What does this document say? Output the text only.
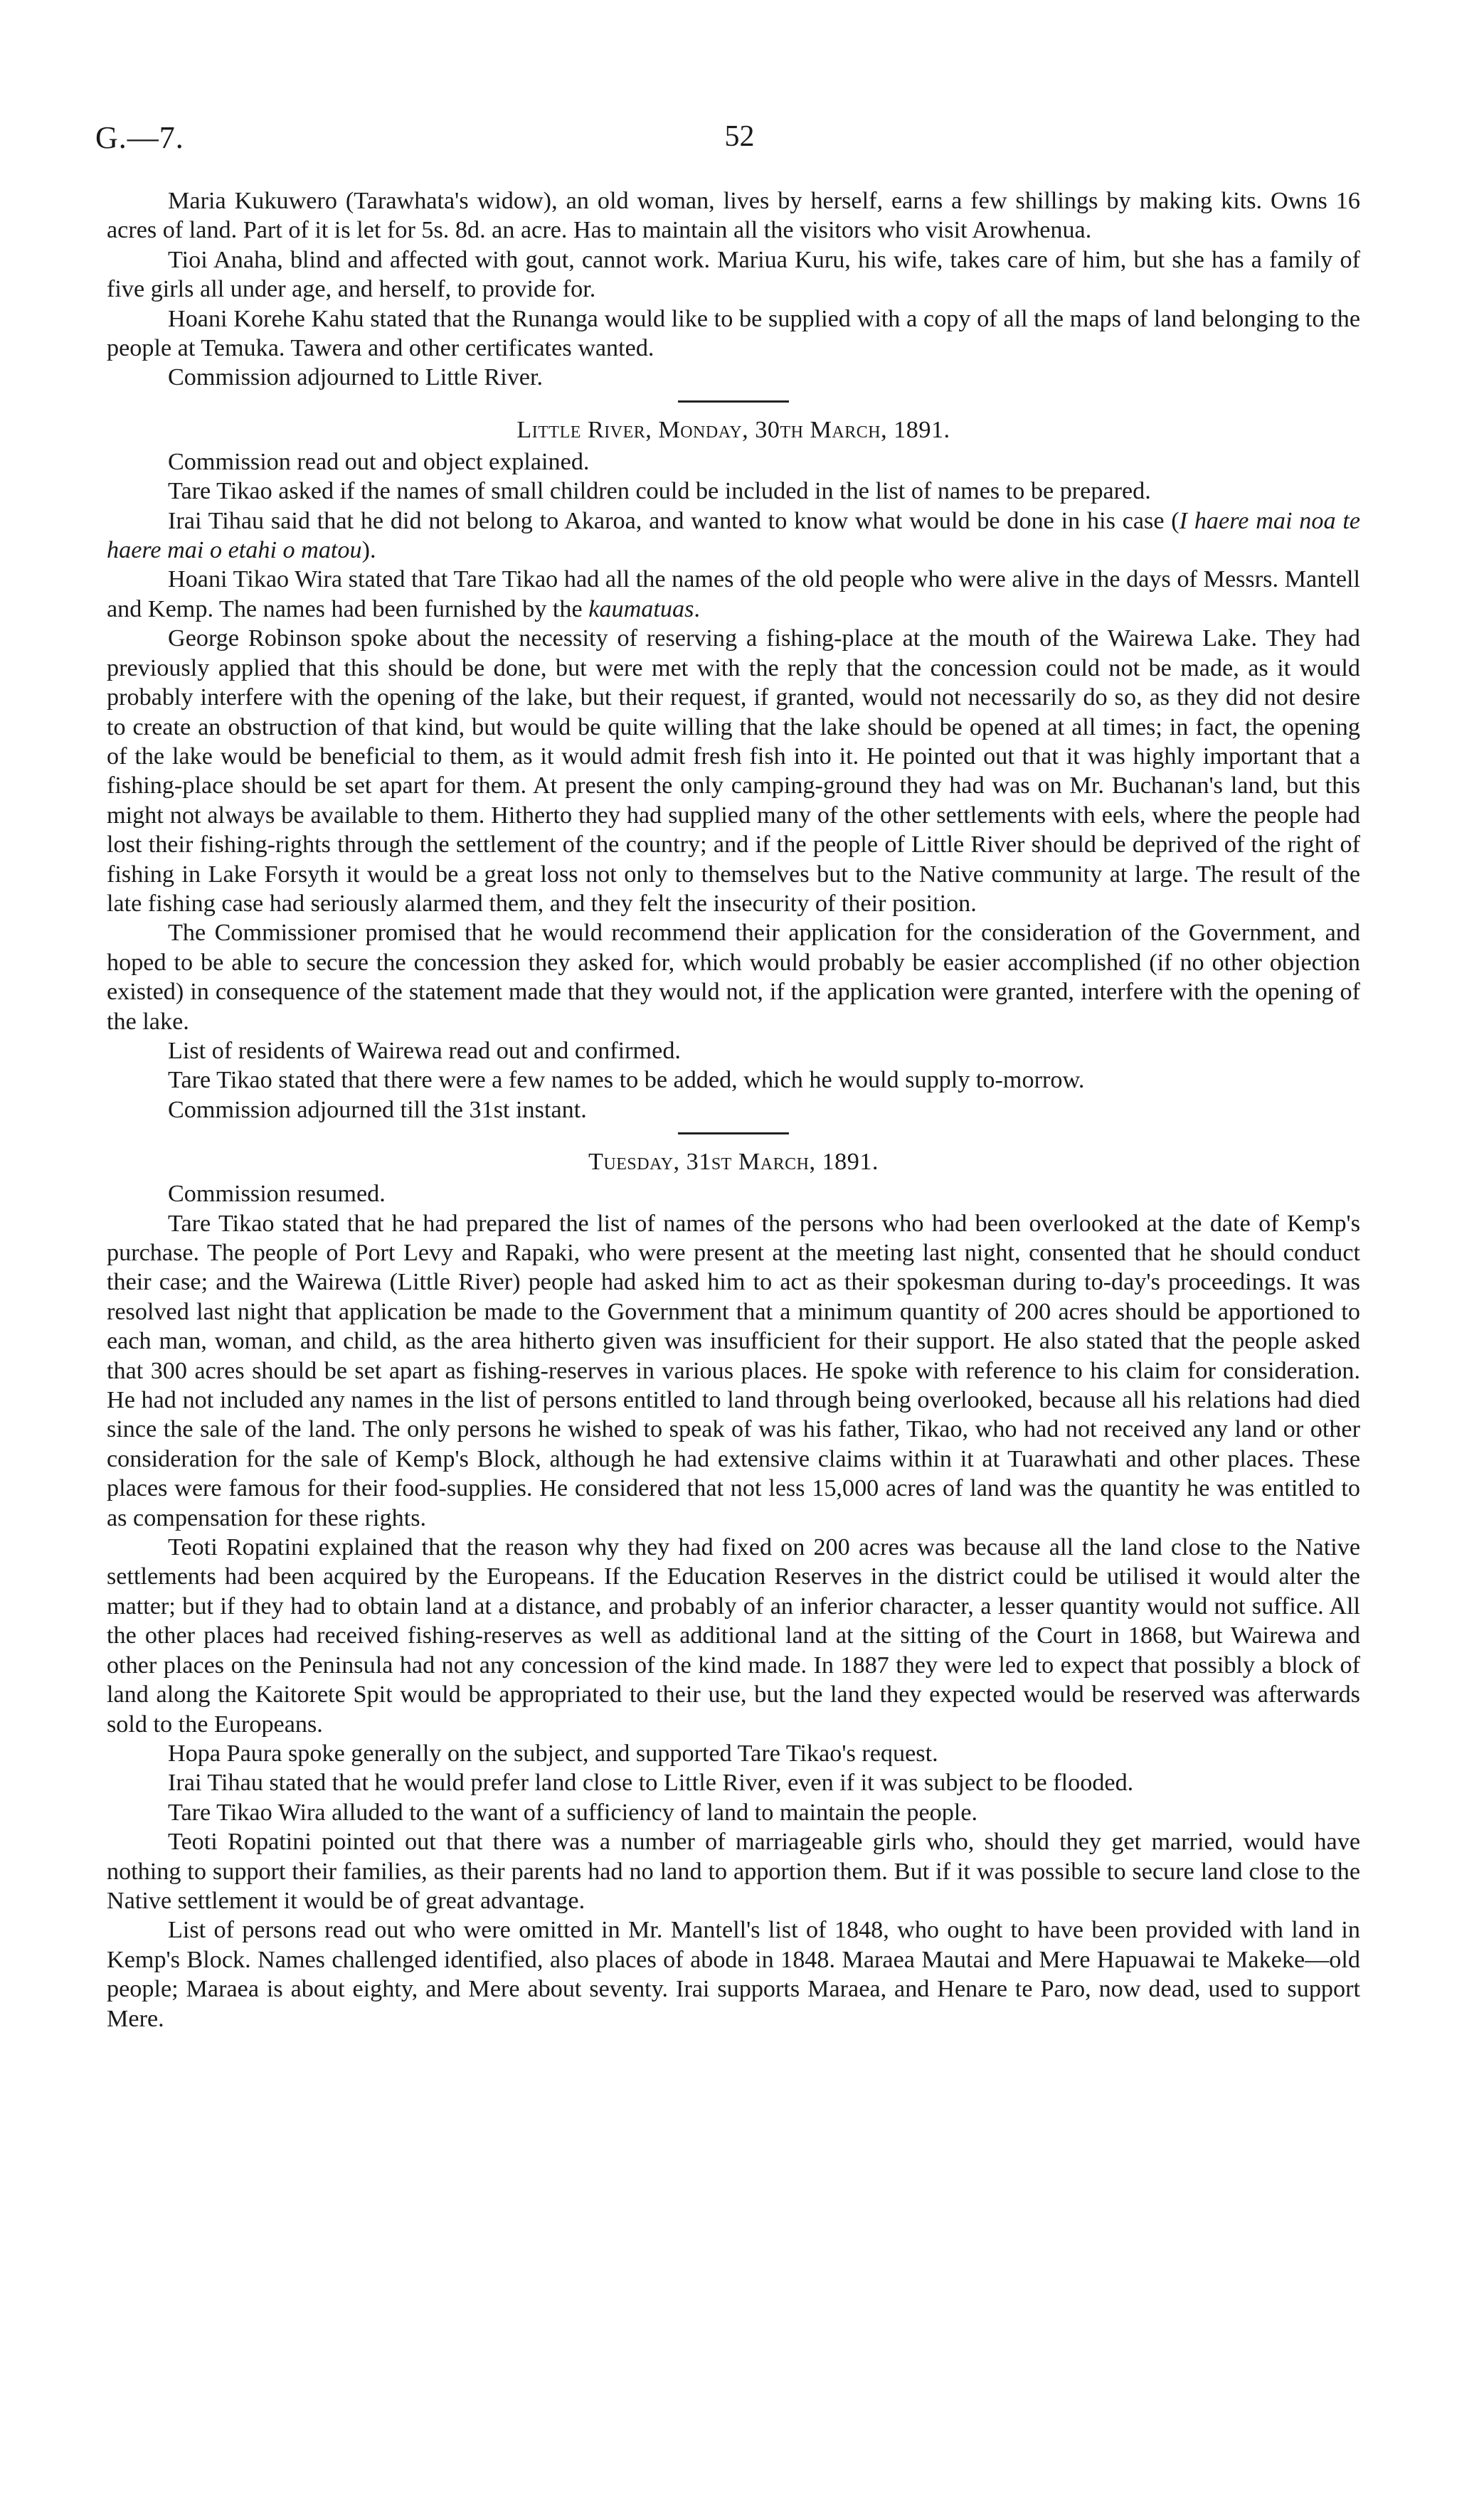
G.—7.	52

Maria Kukuwero (Tarawhata's widow), an old woman, lives by herself, earns a few shillings by making kits. Owns 16 acres of land. Part of it is let for 5s. 8d. an acre. Has to maintain all the visitors who visit Arowhenua.

Tioi Anaha, blind and affected with gout, cannot work. Mariua Kuru, his wife, takes care of him, but she has a family of five girls all under age, and herself, to provide for.

Hoani Korehe Kahu stated that the Runanga would like to be supplied with a copy of all the maps of land belonging to the people at Temuka. Tawera and other certificates wanted.

Commission adjourned to Little River.

Little River, Monday, 30th March, 1891.

Commission read out and object explained.

Tare Tikao asked if the names of small children could be included in the list of names to be prepared.

Irai Tihau said that he did not belong to Akaroa, and wanted to know what would be done in his case (I haere mai noa te haere mai o etahi o matou).

Hoani Tikao Wira stated that Tare Tikao had all the names of the old people who were alive in the days of Messrs. Mantell and Kemp. The names had been furnished by the kaumatuas.

George Robinson spoke about the necessity of reserving a fishing-place at the mouth of the Wairewa Lake. They had previously applied that this should be done, but were met with the reply that the concession could not be made, as it would probably interfere with the opening of the lake, but their request, if granted, would not necessarily do so, as they did not desire to create an obstruction of that kind, but would be quite willing that the lake should be opened at all times; in fact, the opening of the lake would be beneficial to them, as it would admit fresh fish into it. He pointed out that it was highly important that a fishing-place should be set apart for them. At present the only camping-ground they had was on Mr. Buchanan's land, but this might not always be available to them. Hitherto they had supplied many of the other settlements with eels, where the people had lost their fishing-rights through the settlement of the country; and if the people of Little River should be deprived of the right of fishing in Lake Forsyth it would be a great loss not only to themselves but to the Native community at large. The result of the late fishing case had seriously alarmed them, and they felt the insecurity of their position.

The Commissioner promised that he would recommend their application for the consideration of the Government, and hoped to be able to secure the concession they asked for, which would probably be easier accomplished (if no other objection existed) in consequence of the statement made that they would not, if the application were granted, interfere with the opening of the lake.

List of residents of Wairewa read out and confirmed.

Tare Tikao stated that there were a few names to be added, which he would supply to-morrow.

Commission adjourned till the 31st instant.

Tuesday, 31st March, 1891.

Commission resumed.

Tare Tikao stated that he had prepared the list of names of the persons who had been overlooked at the date of Kemp's purchase. The people of Port Levy and Rapaki, who were present at the meeting last night, consented that he should conduct their case; and the Wairewa (Little River) people had asked him to act as their spokesman during to-day's proceedings. It was resolved last night that application be made to the Government that a minimum quantity of 200 acres should be apportioned to each man, woman, and child, as the area hitherto given was insufficient for their support. He also stated that the people asked that 300 acres should be set apart as fishing-reserves in various places. He spoke with reference to his claim for consideration. He had not included any names in the list of persons entitled to land through being overlooked, because all his relations had died since the sale of the land. The only persons he wished to speak of was his father, Tikao, who had not received any land or other consideration for the sale of Kemp's Block, although he had extensive claims within it at Tuarawhati and other places. These places were famous for their food-supplies. He considered that not less 15,000 acres of land was the quantity he was entitled to as compensation for these rights.

Teoti Ropatini explained that the reason why they had fixed on 200 acres was because all the land close to the Native settlements had been acquired by the Europeans. If the Education Reserves in the district could be utilised it would alter the matter; but if they had to obtain land at a distance, and probably of an inferior character, a lesser quantity would not suffice. All the other places had received fishing-reserves as well as additional land at the sitting of the Court in 1868, but Wairewa and other places on the Peninsula had not any concession of the kind made. In 1887 they were led to expect that possibly a block of land along the Kaitorete Spit would be appropriated to their use, but the land they expected would be reserved was afterwards sold to the Europeans.

Hopa Paura spoke generally on the subject, and supported Tare Tikao's request.

Irai Tihau stated that he would prefer land close to Little River, even if it was subject to be flooded.

Tare Tikao Wira alluded to the want of a sufficiency of land to maintain the people.

Teoti Ropatini pointed out that there was a number of marriageable girls who, should they get married, would have nothing to support their families, as their parents had no land to apportion them. But if it was possible to secure land close to the Native settlement it would be of great advantage.

List of persons read out who were omitted in Mr. Mantell's list of 1848, who ought to have been provided with land in Kemp's Block. Names challenged identified, also places of abode in 1848. Maraea Mautai and Mere Hapuawai te Makeke—old people; Maraea is about eighty, and Mere about seventy. Irai supports Maraea, and Henare te Paro, now dead, used to support Mere.
